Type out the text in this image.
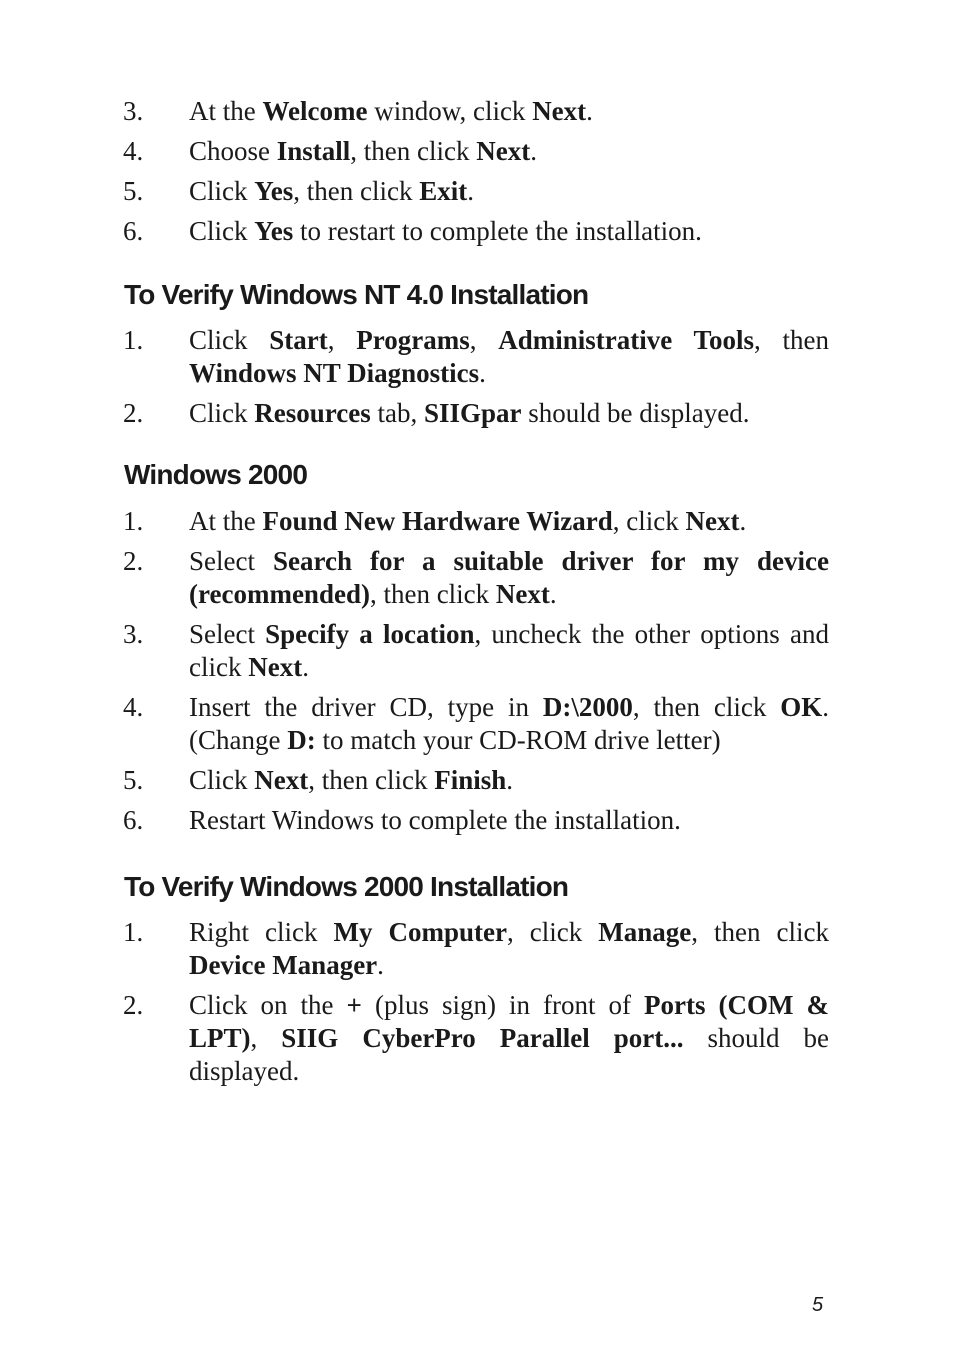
3. At the Welcome window, click Next.
4. Choose Install, then click Next.
5. Click Yes, then click Exit.
6. Click Yes to restart to complete the installation.
To Verify Windows NT 4.0 Installation
1. Click Start, Programs, Administrative Tools, then Windows NT Diagnostics.
2. Click Resources tab, SIIGpar should be displayed.
Windows 2000
1. At the Found New Hardware Wizard, click Next.
2. Select Search for a suitable driver for my device (recommended), then click Next.
3. Select Specify a location, uncheck the other options and click Next.
4. Insert the driver CD, type in D:\2000, then click OK. (Change D: to match your CD-ROM drive letter)
5. Click Next, then click Finish.
6. Restart Windows to complete the installation.
To Verify Windows 2000 Installation
1. Right click My Computer, click Manage, then click Device Manager.
2. Click on the + (plus sign) in front of Ports (COM & LPT), SIIG CyberPro Parallel port... should be displayed.
5
